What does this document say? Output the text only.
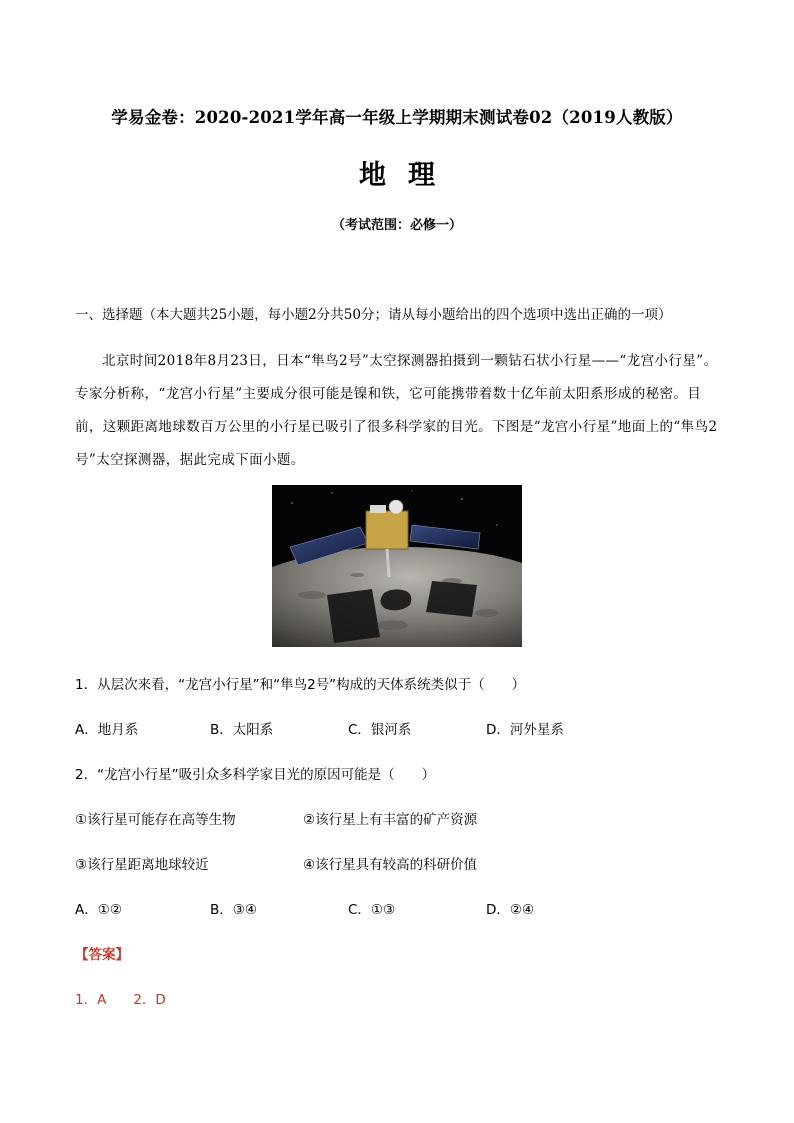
学易金卷：2020-2021学年高一年级上学期期末测试卷02（2019人教版）
地理
（考试范围：必修一）
一、选择题（本大题共25小题，每小题2分共50分；请从每小题给出的四个选项中选出正确的一项）
北京时间2018年8月23日，日本“隼鸟2号”太空探测器拍摄到一颗钻石状小行星——“龙宫小行星”。专家分析称，“龙宫小行星”主要成分很可能是镍和铁，它可能携带着数十亿年前太阳系形成的秘密。目前，这颗距离地球数百万公里的小行星已吸引了很多科学家的目光。下图是“龙宫小行星”地面上的“隼鸟2号”太空探测器，据此完成下面小题。
1．从层次来看，“龙宫小行星”和“隼鸟2号”构成的天体系统类似于（　　）
A．地月系	B．太阳系	C．银河系	D．河外星系
2．“龙宫小行星”吸引众多科学家目光的原因可能是（　　）
①该行星可能存在高等生物	②该行星上有丰富的矿产资源
③该行星距离地球较近	④该行星具有较高的科研价值
A．①②	B．③④	C．①③	D．②④
【答案】
1．A　　2．D
